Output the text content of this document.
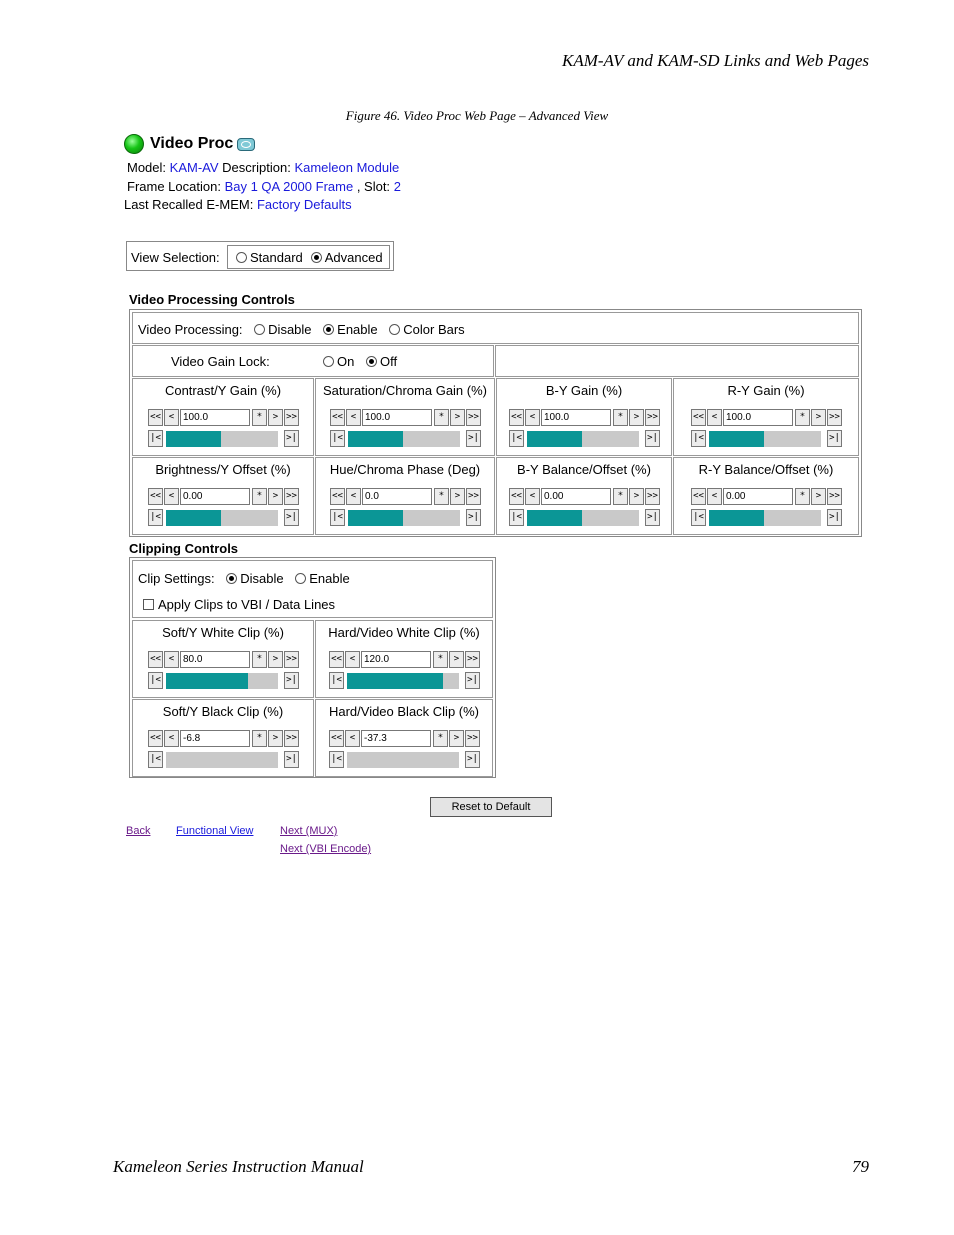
KAM-AV and KAM-SD Links and Web Pages
Figure 46. Video Proc Web Page – Advanced View
Video Proc
Model: KAM-AV Description: Kameleon Module
Frame Location: Bay 1 QA 2000 Frame , Slot: 2
Last Recalled E-MEM: Factory Defaults
View Selection: Standard Advanced
Video Processing Controls
Video Processing: Disable Enable Color Bars
Video Gain Lock:	On Off
Contrast/Y Gain (%)
<< <	*	> >>
100.0
|<	>|
Saturation/Chroma Gain (%)
<< <	*	> >>
100.0
|<	>|
B-Y Gain (%)
<< <	*	> >>
100.0
|<	>|
R-Y Gain (%)
<< <	*	> >>
100.0
|<	>|
Brightness/Y Offset (%)
<< <	*	> >>
0.00
|<	>|
Hue/Chroma Phase (Deg)
<< <	*	> >>
0.0
|<	>|
B-Y Balance/Offset (%)
<< <	*	> >>
0.00
|<	>|
R-Y Balance/Offset (%)
<< <	*	> >>
0.00
|<	>|
Clipping Controls
Clip Settings: Disable Enable
Apply Clips to VBI / Data Lines
Soft/Y White Clip (%)
<< <	*	> >>
80.0
|<	>|
Hard/Video White Clip (%)
<< <	*	> >>
120.0
|<	>|
Soft/Y Black Clip (%)
<< <	*	> >>
-6.8
|<	>|
Hard/Video Black Clip (%)
<< <	*	> >>
-37.3
|<	>|
Reset to Default
Back Functional View Next (MUX)
Next (VBI Encode)
Kameleon Series Instruction Manual	79
